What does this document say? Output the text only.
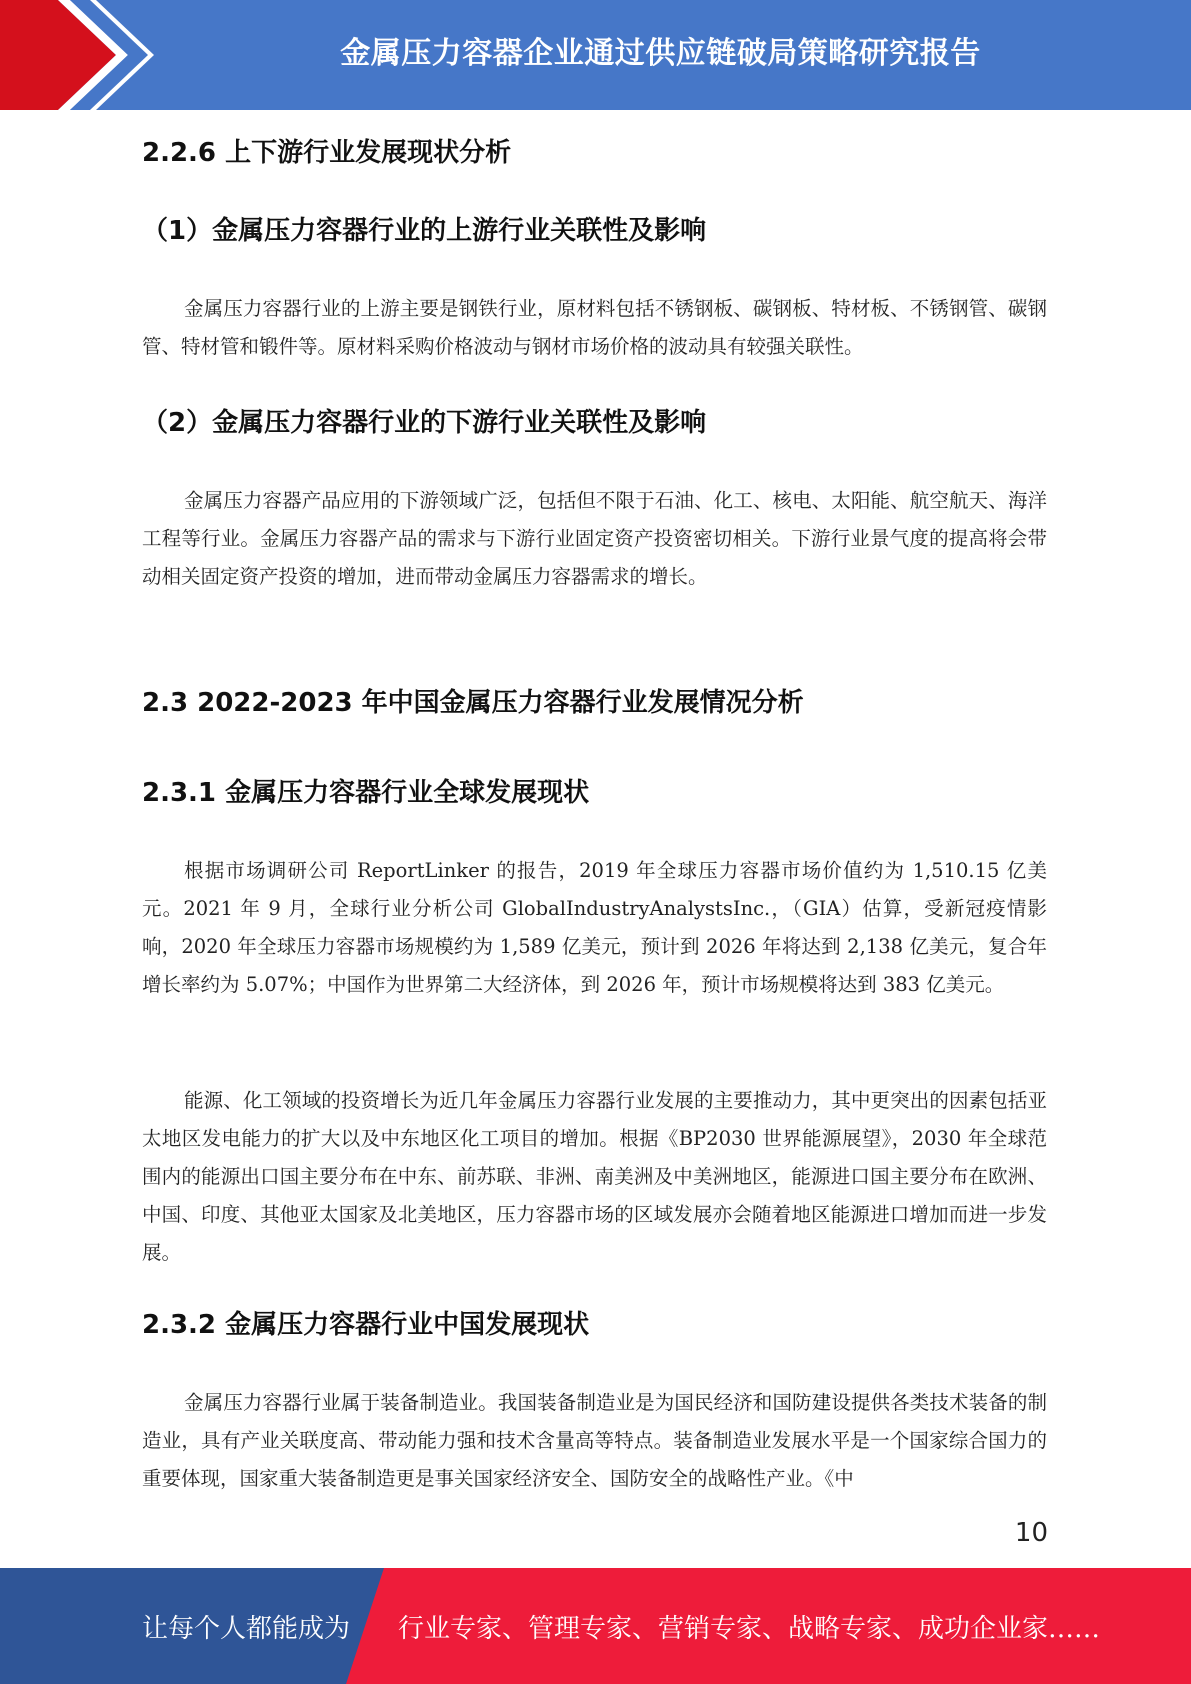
金属压力容器企业通过供应链破局策略研究报告
2.2.6 上下游行业发展现状分析
（1）金属压力容器行业的上游行业关联性及影响

金属压力容器行业的上游主要是钢铁行业，原材料包括不锈钢板、碳钢板、特材板、不锈钢管、碳钢管、特材管和锻件等。原材料采购价格波动与钢材市场价格的波动具有较强关联性。

（2）金属压力容器行业的下游行业关联性及影响

金属压力容器产品应用的下游领域广泛，包括但不限于石油、化工、核电、太阳能、航空航天、海洋工程等行业。金属压力容器产品的需求与下游行业固定资产投资密切相关。下游行业景气度的提高将会带动相关固定资产投资的增加，进而带动金属压力容器需求的增长。

2.3 2022-2023 年中国金属压力容器行业发展情况分析
2.3.1 金属压力容器行业全球发展现状

根据市场调研公司 ReportLinker 的报告，2019 年全球压力容器市场价值约为 1,510.15 亿美元。2021 年 9 月，全球行业分析公司 GlobalIndustryAnalystsInc.，（GIA）估算，受新冠疫情影响，2020 年全球压力容器市场规模约为 1,589 亿美元，预计到 2026 年将达到 2,138 亿美元，复合年增长率约为 5.07%；中国作为世界第二大经济体，到 2026 年，预计市场规模将达到 383 亿美元。

能源、化工领域的投资增长为近几年金属压力容器行业发展的主要推动力，其中更突出的因素包括亚太地区发电能力的扩大以及中东地区化工项目的增加。根据《BP2030 世界能源展望》，2030 年全球范围内的能源出口国主要分布在中东、前苏联、非洲、南美洲及中美洲地区，能源进口国主要分布在欧洲、中国、印度、其他亚太国家及北美地区，压力容器市场的区域发展亦会随着地区能源进口增加而进一步发展。

2.3.2 金属压力容器行业中国发展现状

金属压力容器行业属于装备制造业。我国装备制造业是为国民经济和国防建设提供各类技术装备的制造业，具有产业关联度高、带动能力强和技术含量高等特点。装备制造业发展水平是一个国家综合国力的重要体现，国家重大装备制造更是事关国家经济安全、国防安全的战略性产业。《中

10
让每个人都能成为 行业专家、管理专家、营销专家、战略专家、成功企业家……
